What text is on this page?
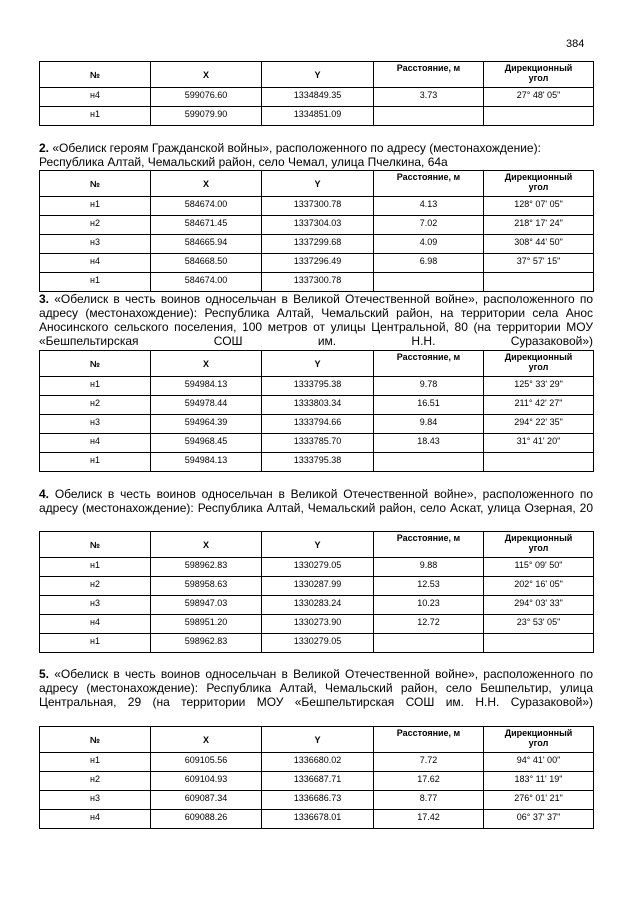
384
№	X	Y	Расстояние, м	Дирекционный
угол
н4	599076.60	1334849.35	3.73	27° 48' 05"
н1	599079.90	1334851.09		

2. «Обелиск героям Гражданской войны», расположенного по адресу (местонахождение): Республика Алтай, Чемальский район, село Чемал, улица Пчелкина, 64а

№	X	Y	Расстояние, м	Дирекционный
угол
н1	584674.00	1337300.78	4.13	128° 07' 05"
н2	584671.45	1337304.03	7.02	218° 17' 24"
н3	584665.94	1337299.68	4.09	308° 44' 50"
н4	584668.50	1337296.49	6.98	37° 57' 15"
н1	584674.00	1337300.78		

3. «Обелиск в честь воинов односельчан в Великой Отечественной войне», расположенного по адресу (местонахождение): Республика Алтай, Чемальский район, на территории села Анос Аносинского сельского поселения, 100 метров от улицы Центральной, 80 (на территории МОУ «Бешпельтирская СОШ им. Н.Н. Суразаковой»)

№	X	Y	Расстояние, м	Дирекционный
угол
н1	594984.13	1333795.38	9.78	125° 33' 29"
н2	594978.44	1333803.34	16.51	211° 42' 27"
н3	594964.39	1333794.66	9.84	294° 22' 35"
н4	594968.45	1333785.70	18.43	31° 41' 20"
н1	594984.13	1333795.38		

4. Обелиск в честь воинов односельчан в Великой Отечественной войне», расположенного по адресу (местонахождение): Республика Алтай, Чемальский район, село Аскат, улица Озерная, 20

№	X	Y	Расстояние, м	Дирекционный
угол
н1	598962.83	1330279.05	9.88	115° 09' 50"
н2	598958.63	1330287.99	12.53	202° 16' 05"
н3	598947.03	1330283.24	10.23	294° 03' 33"
н4	598951.20	1330273.90	12.72	23° 53' 05"
н1	598962.83	1330279.05		

5. «Обелиск в честь воинов односельчан в Великой Отечественной войне», расположенного по адресу (местонахождение): Республика Алтай, Чемальский район, село Бешпельтир, улица Центральная, 29 (на территории МОУ «Бешпельтирская СОШ им. Н.Н. Суразаковой»)

№	X	Y	Расстояние, м	Дирекционный
угол
н1	609105.56	1336680.02	7.72	94° 41' 00"
н2	609104.93	1336687.71	17.62	183° 11' 19"
н3	609087.34	1336686.73	8.77	276° 01' 21"
н4	609088.26	1336678.01	17.42	06° 37' 37"
